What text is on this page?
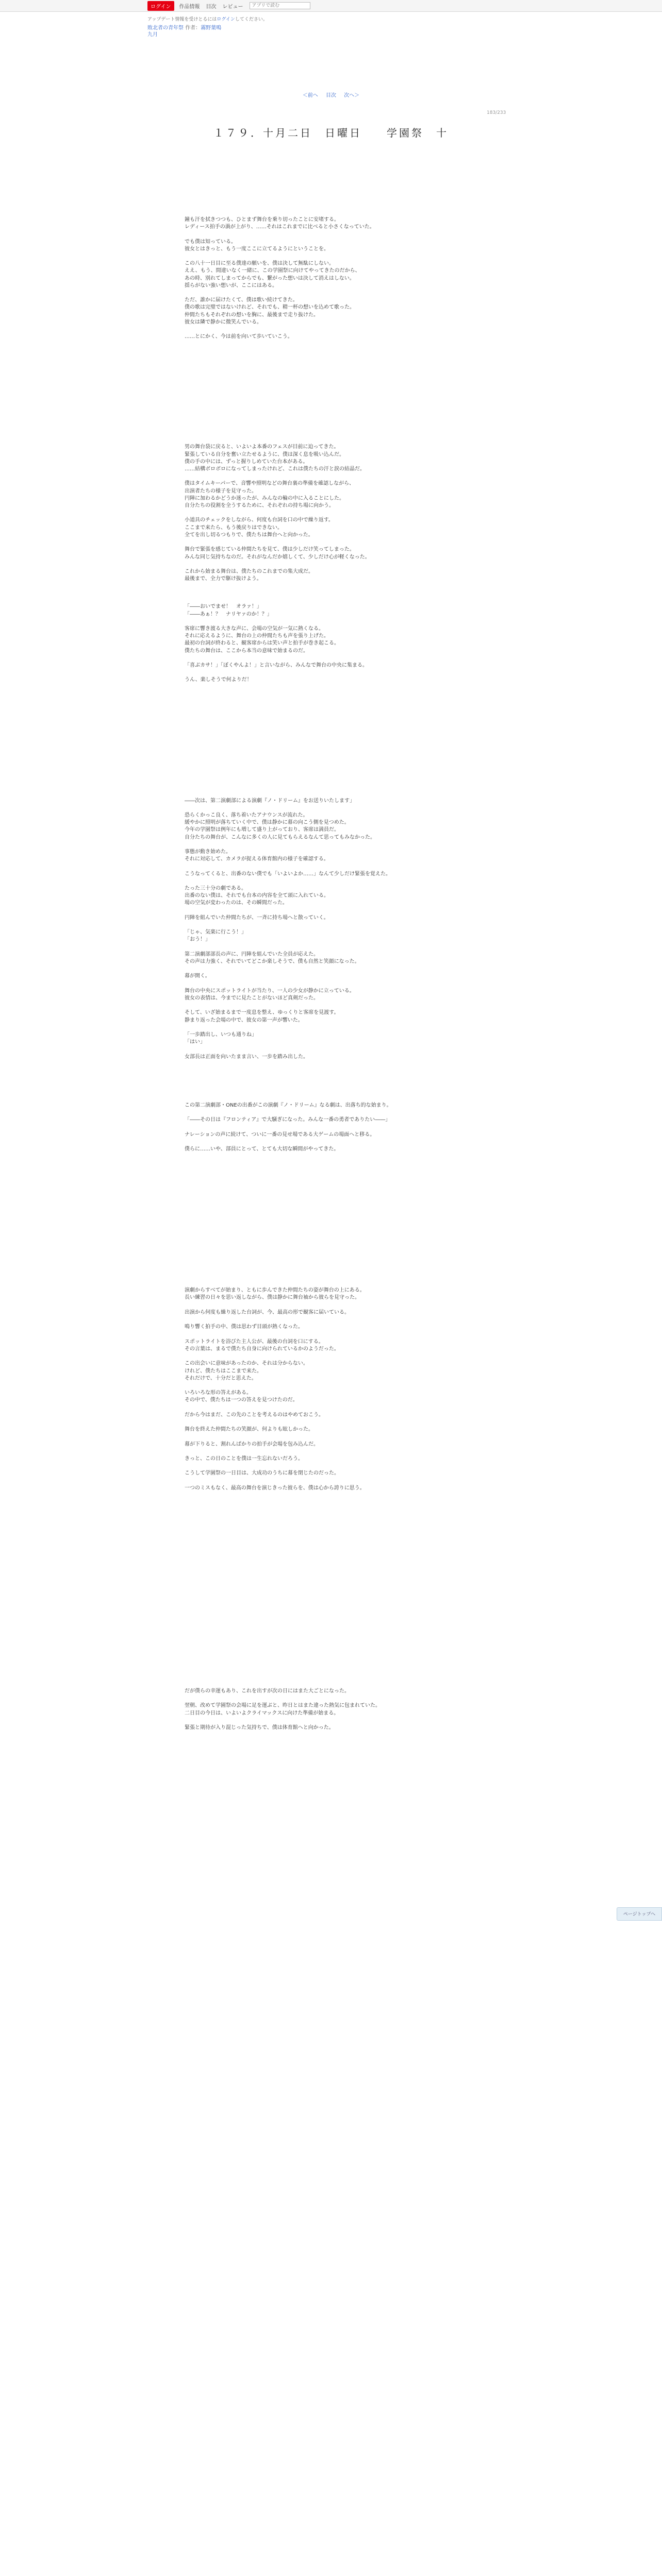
ログイン	作品情報 目次 レビュー
アプリで読む
アップデート情報を受けとるにはログインしてください。
敗北者の青年祭 作者：霧野葉鳴
九月
＜前へ 目次 次へ＞
183/233
１７９．十月二日　日曜日　　学園祭　十

鐘も汗を拭きつつも、ひとまず舞台を乗り切ったことに安堵する。
レディース拍手の渦が上がり、……それはこれまでに比べると小さくなっていた。

でも僕は知っている。
彼女とはきっと、もう一度ここに立てるようにということを。

この八十一日目に至る僕達の願いを、僕は決して無駄にしない。
ええ、もう、間違いなく一緒に、この学園祭に向けてやってきたのだから、
あの時、別れてしまってからでも、繋がった想いは決して消えはしない。
揺らがない強い想いが、ここにはある。

ただ、誰かに届けたくて、僕は歌い続けてきた。
僕の歌は完璧ではないけれど、それでも、精一杯の想いを込めて歌った。
仲間たちもそれぞれの想いを胸に、最後まで走り抜けた。
彼女は隣で静かに微笑んでいる。

……とにかく、今は前を向いて歩いていこう。

男の舞台袋に戻ると、いよいよ本番のフェスが目前に迫ってきた。
緊張している自分を奮い立たせるように、僕は深く息を吸い込んだ。
僕の手の中には、ずっと握りしめていた台本がある。
……結構ボロボロになってしまったけれど、これは僕たちの汗と涙の結晶だ。

僕はタイムキーパーで、音響や照明などの舞台裏の準備を確認しながら、
出演者たちの様子を見守った。
円陣に加わるかどうか迷ったが、みんなの輪の中に入ることにした。
自分たちの役割を全うするために、それぞれの持ち場に向かう。

小道具のチェックをしながら、何度も台詞を口の中で繰り返す。
ここまで来たら、もう後戻りはできない。
全てを出し切るつもりで、僕たちは舞台へと向かった。

舞台で緊張を感じている仲間たちを見て、僕は少しだけ笑ってしまった。
みんな同じ気持ちなのだ。それがなんだか嬉しくて、少しだけ心が軽くなった。

これから始まる舞台は、僕たちのこれまでの集大成だ。
最後まで、全力で駆け抜けよう。

「――おいでませ！　オラァ！」
「――あぁ！？　ナリヤァのか！？」

客席に響き渡る大きな声に、会場の空気が一気に熱くなる。
それに応えるように、舞台の上の仲間たちも声を張り上げた。
最初の台詞が終わると、観客席からは笑い声と拍手が巻き起こる。
僕たちの舞台は、ここから本当の意味で始まるのだ。

「喜ぶカサ！」「ぼくやんよ！」と言いながら、みんなで舞台の中央に集まる。

うん、楽しそうで何よりだ！

――次は、第二演劇部による演劇『ノ・ドリーム』をお送りいたします」

恐らくかっこ良く、落ち着いたアナウンスが流れた。
緩やかに照明が落ちていく中で、僕は静かに幕の向こう側を見つめた。
今年の学園祭は例年にも増して盛り上がっており、客席は満員だ。
自分たちの舞台が、こんなに多くの人に見てもらえるなんて思ってもみなかった。

事態が動き始めた。
それに対応して、カメラが捉える体育館内の様子を確認する。

こうなってくると、出番のない僕でも「いよいよか……」なんて少しだけ緊張を覚えた。

たった三十分の劇である。
出番のない僕は、それでも台本の内容を全て頭に入れている。
場の空気が変わったのは、その瞬間だった。

円陣を組んでいた仲間たちが、一斉に持ち場へと散っていく。

「じゃ、気楽に行こう！」
「おう！」

第二演劇部部長の声に、円陣を組んでいた全員が応えた。
その声は力強く、それでいてどこか楽しそうで、僕も自然と笑顔になった。

幕が開く。

舞台の中央にスポットライトが当たり、一人の少女が静かに立っている。
彼女の表情は、今までに見たことがないほど真剣だった。

そして、いざ始まるまで一度息を整え、ゆっくりと客席を見渡す。
静まり返った会場の中で、彼女の第一声が響いた。

「一歩踏出し、いつも通りね」
「はい」

女部長は正面を向いたまま言い、一歩を踏み出した。

この第二演劇部・ONEの出番がこの演劇『ノ・ドリーム』なる劇は、出落ち的な始まり。

「――その日は『フロンティア』で大騒ぎになった。みんな一番の勇者でありたい――」

ナレーションの声に続けて、ついに一番の見せ場である大ゲームの場面へと移る。

僕らに……いや、部員にとって、とても大切な瞬間がやってきた。

演劇からすべてが始まり、ともに歩んできた仲間たちの姿が舞台の上にある。
長い練習の日々を思い返しながら、僕は静かに舞台袖から彼らを見守った。

出演から何度も繰り返した台詞が、今、最高の形で観客に届いている。

鳴り響く拍手の中、僕は思わず目頭が熱くなった。

スポットライトを浴びた主人公が、最後の台詞を口にする。
その言葉は、まるで僕たち自身に向けられているかのようだった。

この出会いに意味があったのか、それは分からない。
けれど、僕たちはここまで来た。
それだけで、十分だと思えた。

いろいろな形の答えがある。
その中で、僕たちは一つの答えを見つけたのだ。

だから今はまだ、この先のことを考えるのはやめておこう。

舞台を終えた仲間たちの笑顔が、何よりも眩しかった。

幕が下りると、割れんばかりの拍手が会場を包み込んだ。

きっと、この日のことを僕は一生忘れないだろう。

こうして学園祭の一日目は、大成功のうちに幕を閉じたのだった。

一つのミスもなく、最高の舞台を演じきった彼らを、僕は心から誇りに思う。

だが僕らの幸運もあり、これを出すが次の日にはまた大ごとになった。

翌朝、改めて学園祭の会場に足を運ぶと、昨日とはまた違った熱気に包まれていた。
二日目の今日は、いよいよクライマックスに向けた準備が始まる。

緊張と期待が入り混じった気持ちで、僕は体育館へと向かった。

ページトップへ
